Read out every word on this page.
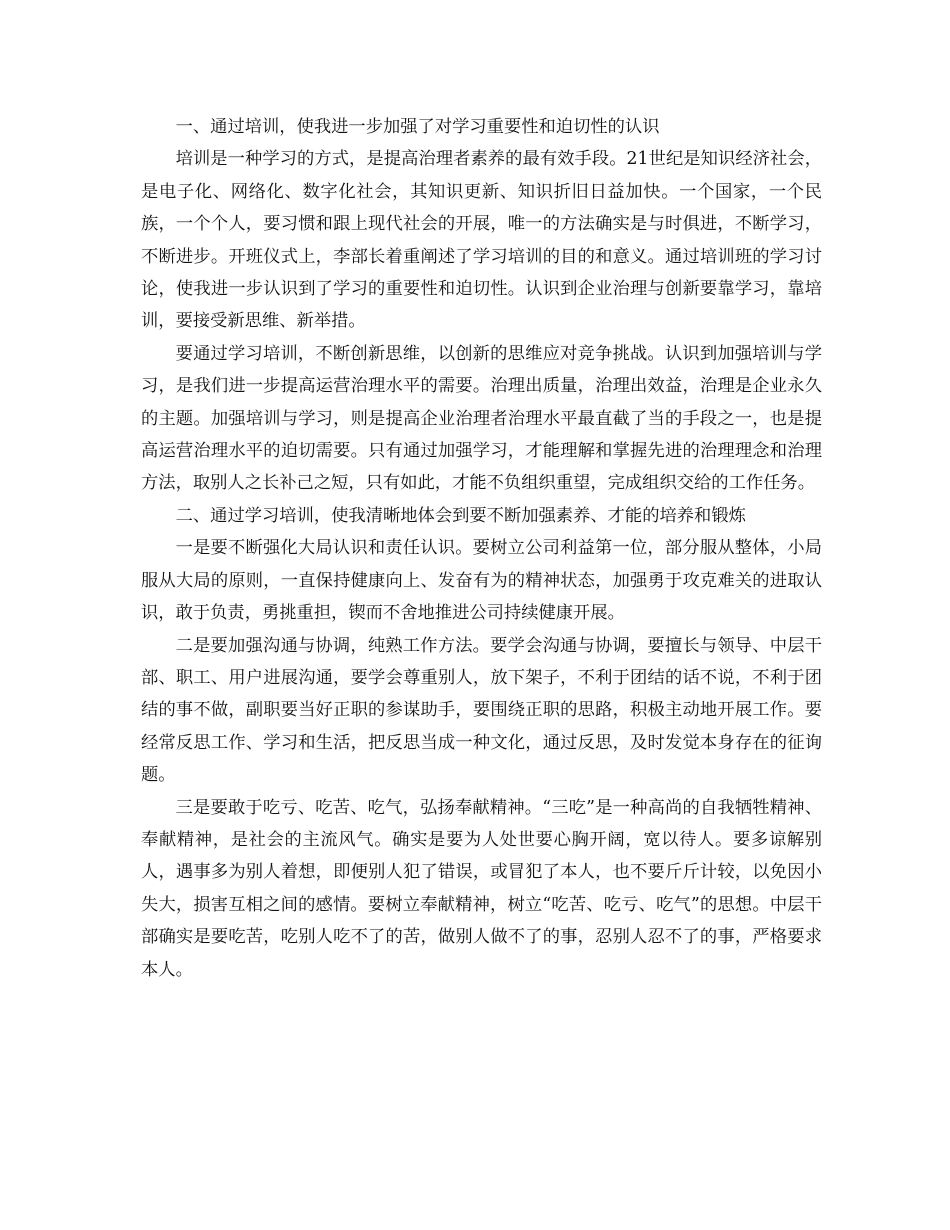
一、通过培训，使我进一步加强了对学习重要性和迫切性的认识

培训是一种学习的方式，是提高治理者素养的最有效手段。21世纪是知识经济社会，是电子化、网络化、数字化社会，其知识更新、知识折旧日益加快。一个国家，一个民族，一个个人，要习惯和跟上现代社会的开展，唯一的方法确实是与时俱进，不断学习，不断进步。开班仪式上，李部长着重阐述了学习培训的目的和意义。通过培训班的学习讨论，使我进一步认识到了学习的重要性和迫切性。认识到企业治理与创新要靠学习，靠培训，要接受新思维、新举措。

要通过学习培训，不断创新思维，以创新的思维应对竞争挑战。认识到加强培训与学习，是我们进一步提高运营治理水平的需要。治理出质量，治理出效益，治理是企业永久的主题。加强培训与学习，则是提高企业治理者治理水平最直截了当的手段之一，也是提高运营治理水平的迫切需要。只有通过加强学习，才能理解和掌握先进的治理理念和治理方法，取别人之长补己之短，只有如此，才能不负组织重望，完成组织交给的工作任务。

二、通过学习培训，使我清晰地体会到要不断加强素养、才能的培养和锻炼

一是要不断强化大局认识和责任认识。要树立公司利益第一位，部分服从整体，小局服从大局的原则，一直保持健康向上、发奋有为的精神状态，加强勇于攻克难关的进取认识，敢于负责，勇挑重担，锲而不舍地推进公司持续健康开展。

二是要加强沟通与协调，纯熟工作方法。要学会沟通与协调，要擅长与领导、中层干部、职工、用户进展沟通，要学会尊重别人，放下架子，不利于团结的话不说，不利于团结的事不做，副职要当好正职的参谋助手，要围绕正职的思路，积极主动地开展工作。要经常反思工作、学习和生活，把反思当成一种文化，通过反思，及时发觉本身存在的征询题。

三是要敢于吃亏、吃苦、吃气，弘扬奉献精神。“三吃”是一种高尚的自我牺牲精神、奉献精神，是社会的主流风气。确实是要为人处世要心胸开阔，宽以待人。要多谅解别人，遇事多为别人着想，即便别人犯了错误，或冒犯了本人，也不要斤斤计较，以免因小失大，损害互相之间的感情。要树立奉献精神，树立“吃苦、吃亏、吃气”的思想。中层干部确实是要吃苦，吃别人吃不了的苦，做别人做不了的事，忍别人忍不了的事，严格要求本人。
